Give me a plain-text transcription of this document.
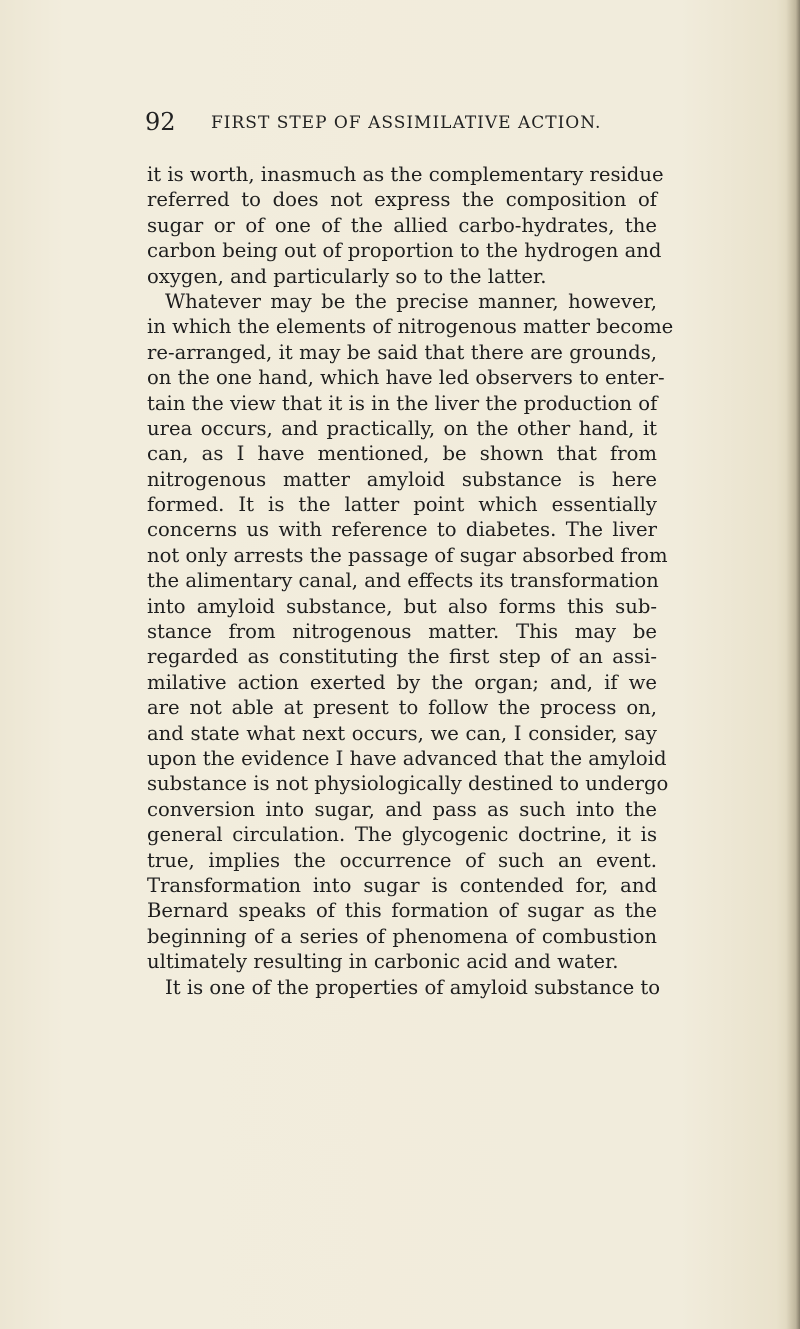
92 FIRST STEP OF ASSIMILATIVE ACTION.
it is worth, inasmuch as the complementary residue
referred to does not express the composition of
sugar or of one of the allied carbo-hydrates, the
carbon being out of proportion to the hydrogen and
oxygen, and particularly so to the latter.
Whatever may be the precise manner, however,
in which the elements of nitrogenous matter become
re-arranged, it may be said that there are grounds,
on the one hand, which have led observers to enter-
tain the view that it is in the liver the production of
urea occurs, and practically, on the other hand, it
can, as I have mentioned, be shown that from
nitrogenous matter amyloid substance is here
formed. It is the latter point which essentially
concerns us with reference to diabetes. The liver
not only arrests the passage of sugar absorbed from
the alimentary canal, and effects its transformation
into amyloid substance, but also forms this sub-
stance from nitrogenous matter. This may be
regarded as constituting the first step of an assi-
milative action exerted by the organ; and, if we
are not able at present to follow the process on,
and state what next occurs, we can, I consider, say
upon the evidence I have advanced that the amyloid
substance is not physiologically destined to undergo
conversion into sugar, and pass as such into the
general circulation. The glycogenic doctrine, it is
true, implies the occurrence of such an event.
Transformation into sugar is contended for, and
Bernard speaks of this formation of sugar as the
beginning of a series of phenomena of combustion
ultimately resulting in carbonic acid and water.
It is one of the properties of amyloid substance to
